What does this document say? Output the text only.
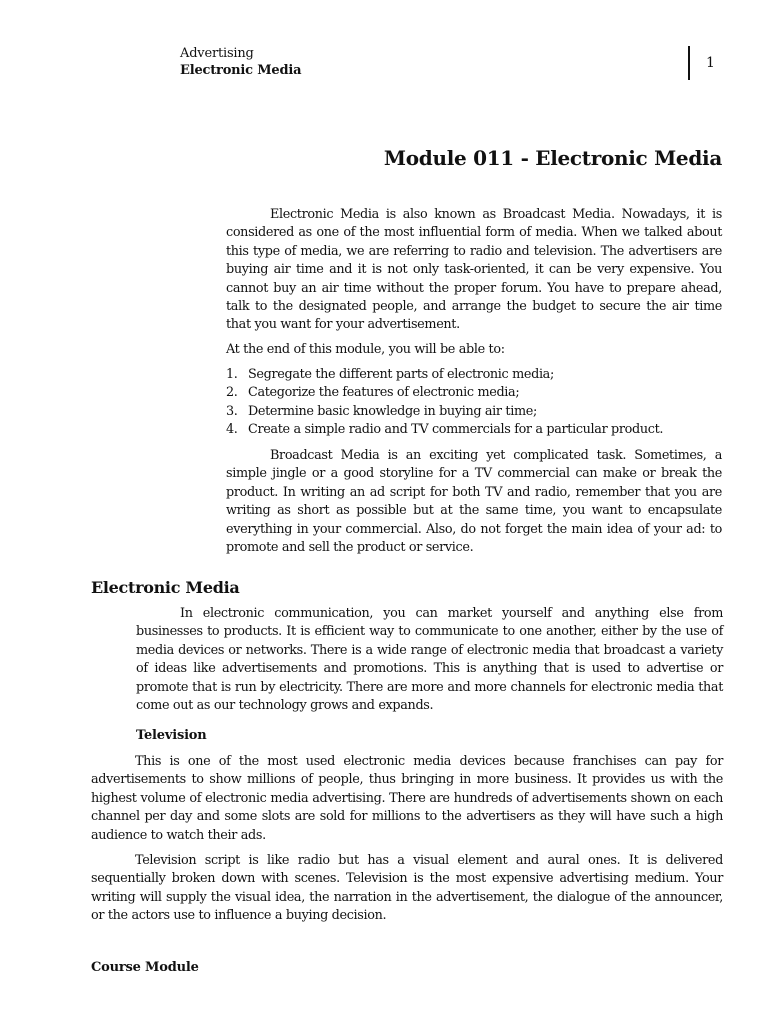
Advertising
Electronic Media	1
Module 011 - Electronic Media

Electronic Media is also known as Broadcast Media. Nowadays, it is considered as one of the most influential form of media. When we talked about this type of media, we are referring to radio and television. The advertisers are buying air time and it is not only task-oriented, it can be very expensive. You cannot buy an air time without the proper forum. You have to prepare ahead, talk to the designated people, and arrange the budget to secure the air time that you want for your advertisement.

At the end of this module, you will be able to:

1. Segregate the different parts of electronic media;
2. Categorize the features of electronic media;
3. Determine basic knowledge in buying air time;
4. Create a simple radio and TV commercials for a particular product.

Broadcast Media is an exciting yet complicated task. Sometimes, a simple jingle or a good storyline for a TV commercial can make or break the product. In writing an ad script for both TV and radio, remember that you are writing as short as possible but at the same time, you want to encapsulate everything in your commercial. Also, do not forget the main idea of your ad: to promote and sell the product or service.

Electronic Media

In electronic communication, you can market yourself and anything else from businesses to products. It is efficient way to communicate to one another, either by the use of media devices or networks. There is a wide range of electronic media that broadcast a variety of ideas like advertisements and promotions. This is anything that is used to advertise or promote that is run by electricity. There are more and more channels for electronic media that come out as our technology grows and expands.

Television

This is one of the most used electronic media devices because franchises can pay for advertisements to show millions of people, thus bringing in more business. It provides us with the highest volume of electronic media advertising. There are hundreds of advertisements shown on each channel per day and some slots are sold for millions to the advertisers as they will have such a high audience to watch their ads.

Television script is like radio but has a visual element and aural ones. It is delivered sequentially broken down with scenes. Television is the most expensive advertising medium. Your writing will supply the visual idea, the narration in the advertisement, the dialogue of the announcer, or the actors use to influence a buying decision.

Course Module
